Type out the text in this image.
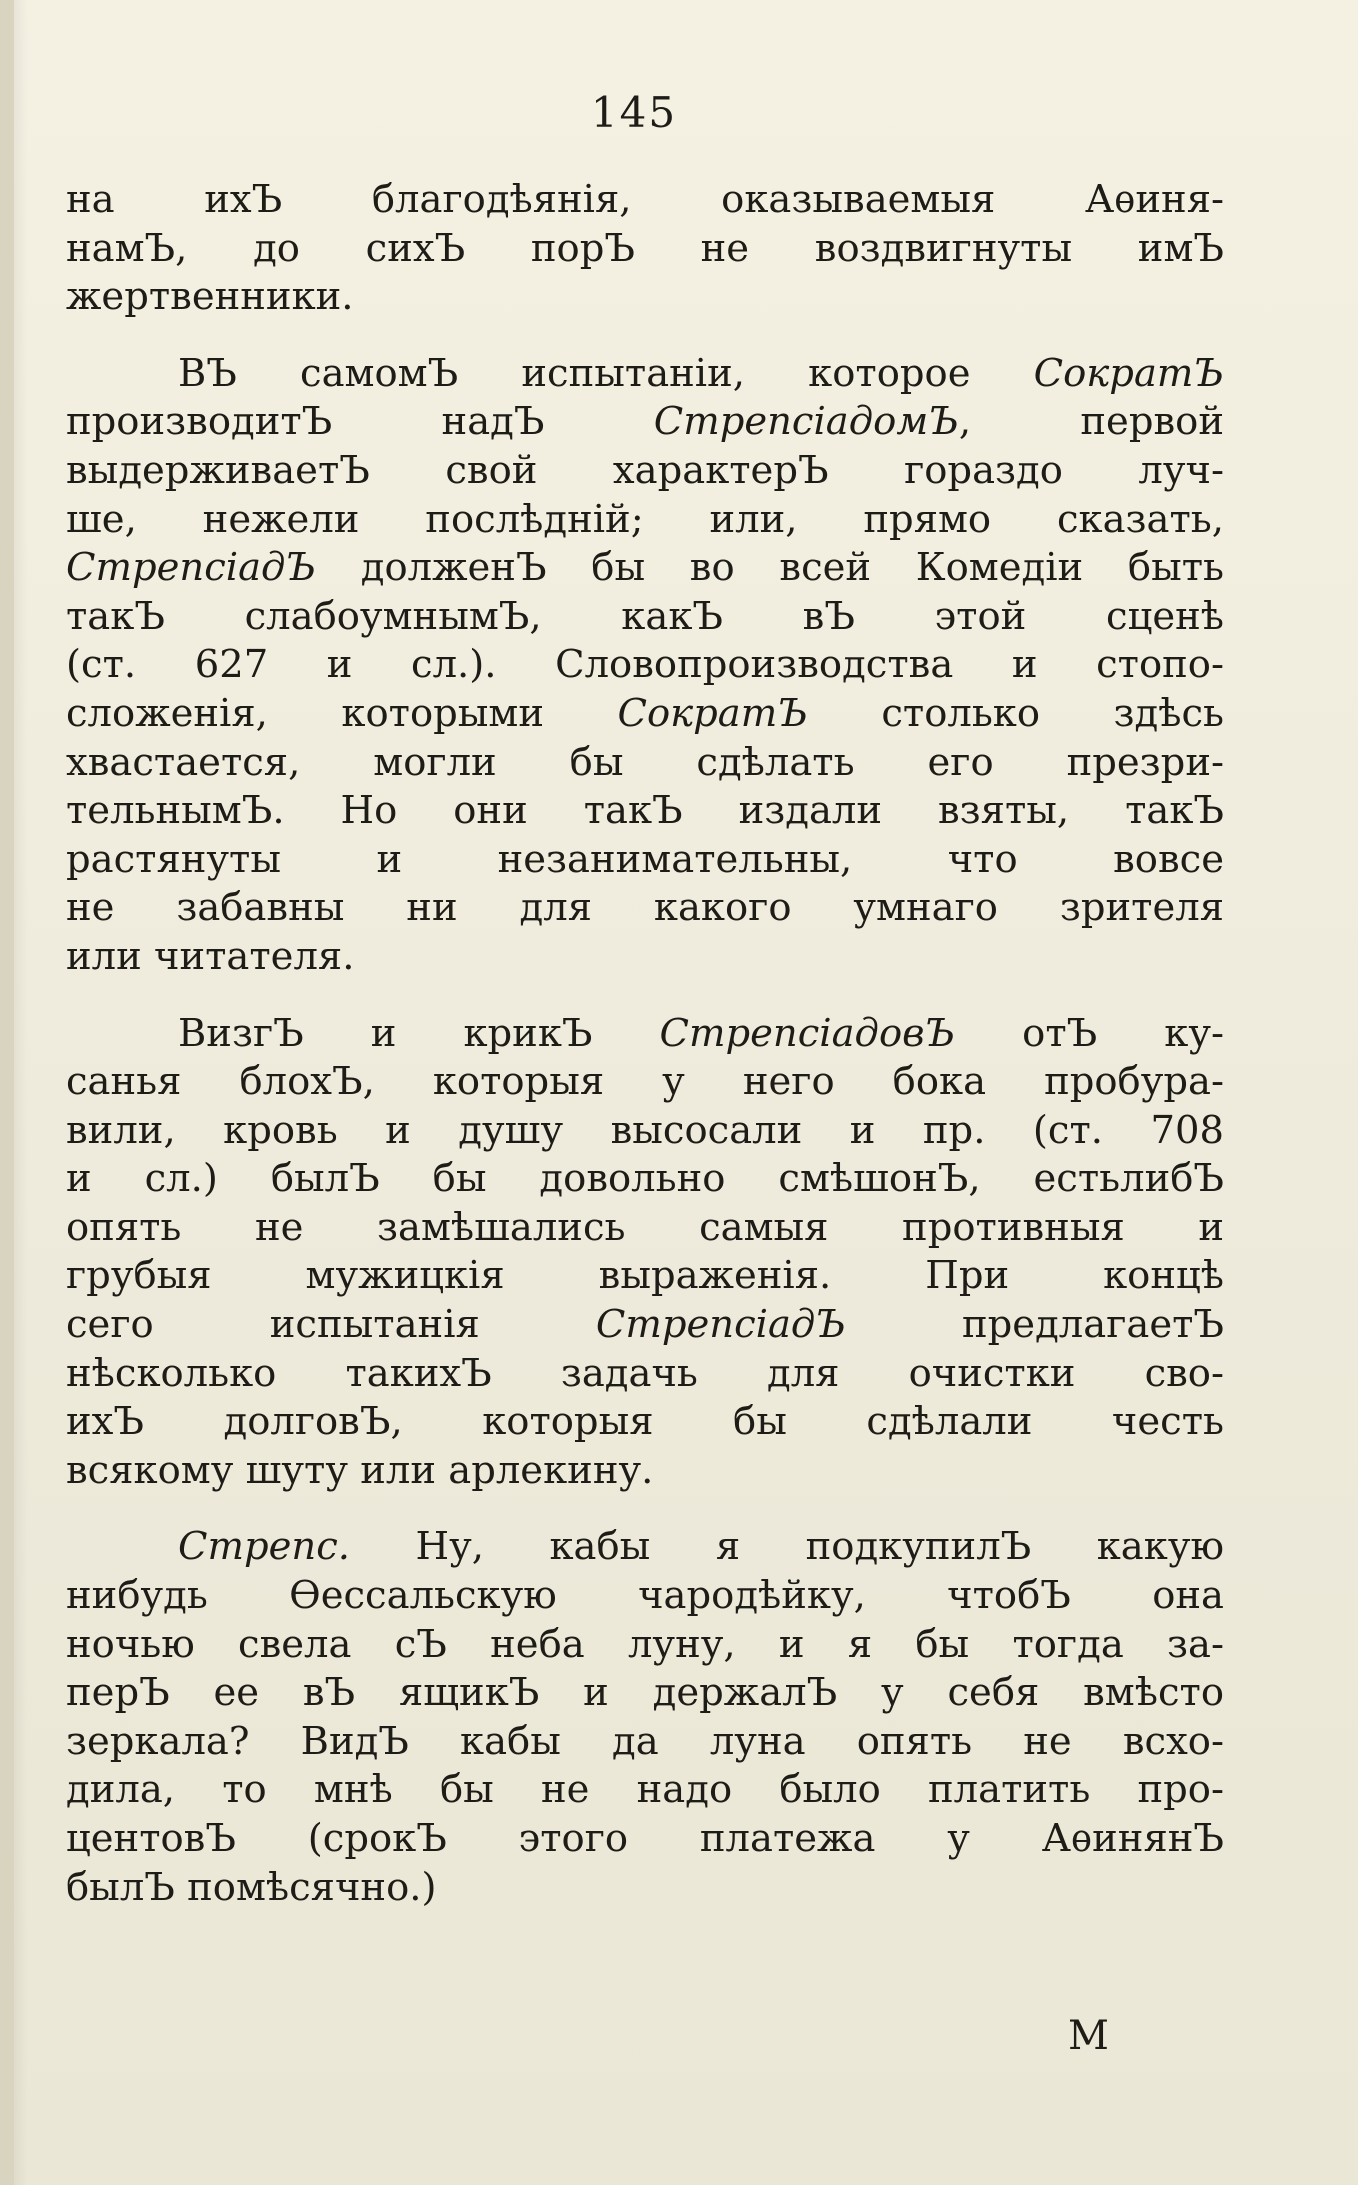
145
на ихЪ благодѣянія, оказываемыя Аѳиня-
намЪ, до сихЪ порЪ не воздвигнуты имЪ
жертвенники.
ВЪ самомЪ испытаніи, которое СократЪ
производитЪ надЪ СтрепсіадомЪ, первой
выдерживаетЪ свой характерЪ гораздо луч-
ше, нежели послѣдній; или, прямо сказать,
СтрепсіадЪ долженЪ бы во всей Комедіи быть
такЪ слабоумнымЪ, какЪ вЪ этой сценѣ
(ст. 627 и сл.). Словопроизводства и стопо-
сложенія, которыми СократЪ столько здѣсь
хвастается, могли бы сдѣлать его презри-
тельнымЪ. Но они такЪ издали взяты, такЪ
растянуты и незанимательны, что вовсе
не забавны ни для какого умнаго зрителя
или читателя.
ВизгЪ и крикЪ СтрепсіадовЪ отЪ ку-
санья блохЪ, которыя у него бока пробура-
вили, кровь и душу высосали и пр. (ст. 708
и сл.) былЪ бы довольно смѣшонЪ, естьлибЪ
опять не замѣшались самыя противныя и
грубыя мужицкія выраженія. При концѣ
сего испытанія СтрепсіадЪ предлагаетЪ
нѣсколько такихЪ задачь для очистки сво-
ихЪ долговЪ, которыя бы сдѣлали честь
всякому шуту или арлекину.
Стрепс. Ну, кабы я подкупилЪ какую
нибудь Ѳессальскую чародѣйку, чтобЪ она
ночью свела сЪ неба луну, и я бы тогда за-
перЪ ее вЪ ящикЪ и держалЪ у себя вмѣсто
зеркала? ВидЪ кабы да луна опять не всхо-
дила, то мнѣ бы не надо было платить про-
центовЪ (срокЪ этого платежа у АѳинянЪ
былЪ помѣсячно.)
M
